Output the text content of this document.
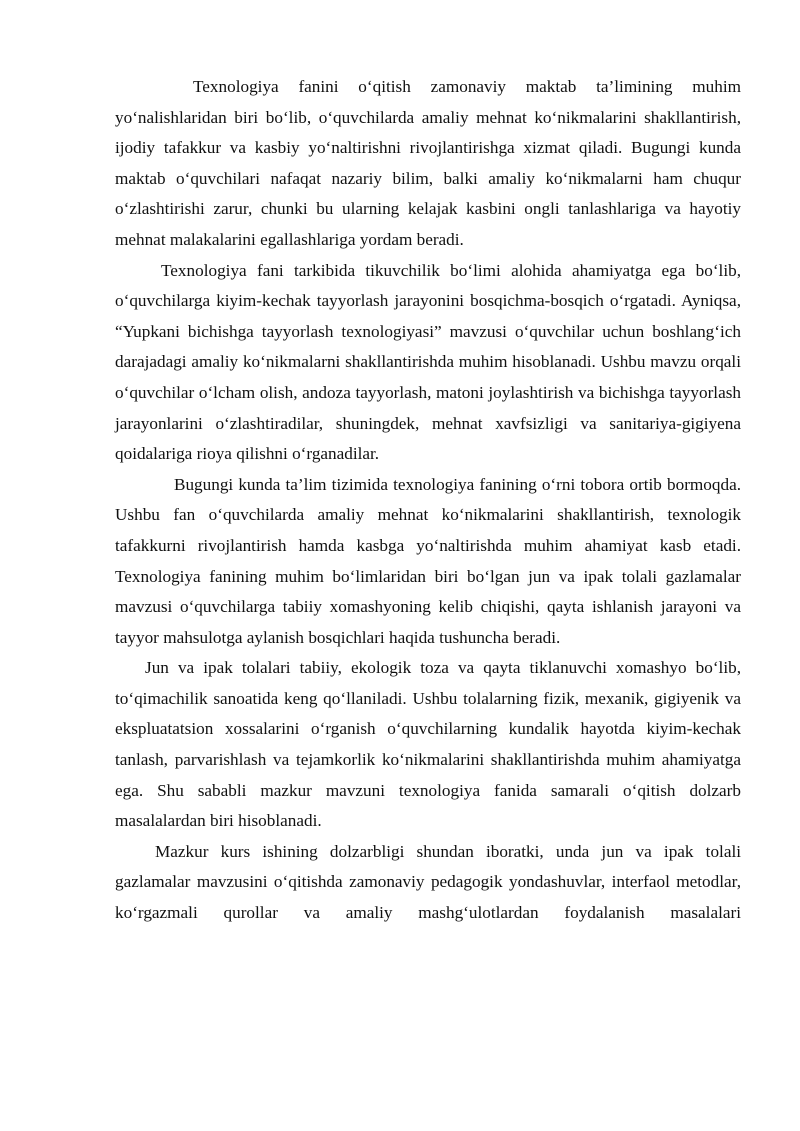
Texnologiya fanini o‘qitish zamonaviy maktab ta’limining muhim yo‘nalishlaridan biri bo‘lib, o‘quvchilarda amaliy mehnat ko‘nikmalarini shakllantirish, ijodiy tafakkur va kasbiy yo‘naltirishni rivojlantirishga xizmat qiladi. Bugungi kunda maktab o‘quvchilari nafaqat nazariy bilim, balki amaliy ko‘nikmalarni ham chuqur o‘zlashtirishi zarur, chunki bu ularning kelajak kasbini ongli tanlashlariga va hayotiy mehnat malakalarini egallashlariga yordam beradi.

Texnologiya fani tarkibida tikuvchilik bo‘limi alohida ahamiyatga ega bo‘lib, o‘quvchilarga kiyim-kechak tayyorlash jarayonini bosqichma-bosqich o‘rgatadi. Ayniqsa, “Yupkani bichishga tayyorlash texnologiyasi” mavzusi o‘quvchilar uchun boshlang‘ich darajadagi amaliy ko‘nikmalarni shakllantirishda muhim hisoblanadi. Ushbu mavzu orqali o‘quvchilar o‘lcham olish, andoza tayyorlash, matoni joylashtirish va bichishga tayyorlash jarayonlarini o‘zlashtiradilar, shuningdek, mehnat xavfsizligi va sanitariya-gigiyena qoidalariga rioya qilishni o‘rganadilar.

Bugungi kunda ta’lim tizimida texnologiya fanining o‘rni tobora ortib bormoqda. Ushbu fan o‘quvchilarda amaliy mehnat ko‘nikmalarini shakllantirish, texnologik tafakkurni rivojlantirish hamda kasbga yo‘naltirishda muhim ahamiyat kasb etadi. Texnologiya fanining muhim bo‘limlaridan biri bo‘lgan jun va ipak tolali gazlamalar mavzusi o‘quvchilarga tabiiy xomashyoning kelib chiqishi, qayta ishlanish jarayoni va tayyor mahsulotga aylanish bosqichlari haqida tushuncha beradi.

Jun va ipak tolalari tabiiy, ekologik toza va qayta tiklanuvchi xomashyo bo‘lib, to‘qimachilik sanoatida keng qo‘llaniladi. Ushbu tolalarning fizik, mexanik, gigiyenik va ekspluatatsion xossalarini o‘rganish o‘quvchilarning kundalik hayotda kiyim-kechak tanlash, parvarishlash va tejamkorlik ko‘nikmalarini shakllantirishda muhim ahamiyatga ega. Shu sababli mazkur mavzuni texnologiya fanida samarali o‘qitish dolzarb masalalardan biri hisoblanadi.

Mazkur kurs ishining dolzarbligi shundan iboratki, unda jun va ipak tolali gazlamalar mavzusini o‘qitishda zamonaviy pedagogik yondashuvlar, interfaol metodlar, ko‘rgazmali qurollar va amaliy mashg‘ulotlardan foydalanish masalalari
